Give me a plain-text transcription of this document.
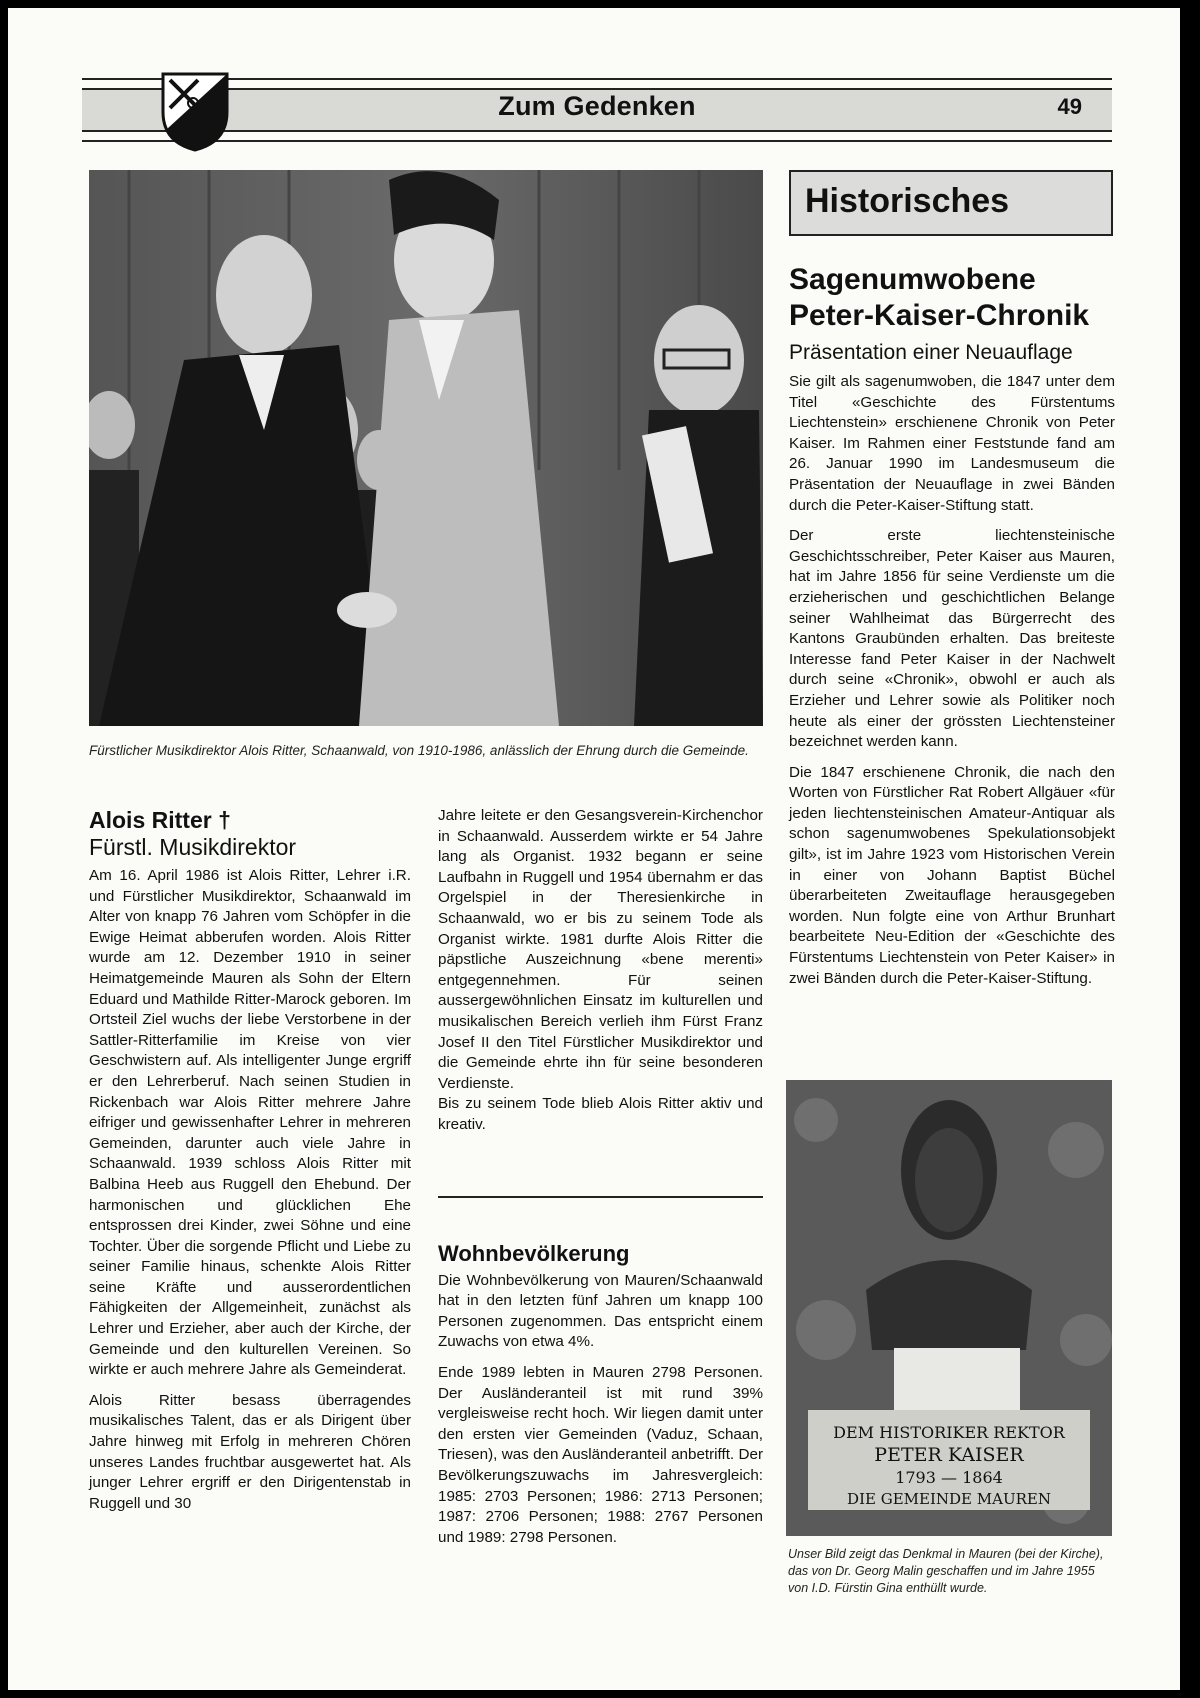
Zum Gedenken	49
Fürstlicher Musikdirektor Alois Ritter, Schaanwald, von 1910-1986, anlässlich der Ehrung durch die Gemeinde.
Alois Ritter †
Fürstl. Musikdirektor

Am 16. April 1986 ist Alois Ritter, Lehrer i.R. und Fürstlicher Musikdirektor, Schaanwald im Alter von knapp 76 Jahren vom Schöpfer in die Ewige Heimat abberufen worden. Alois Ritter wurde am 12. Dezember 1910 in seiner Heimatgemeinde Mauren als Sohn der Eltern Eduard und Mathilde Ritter-Marock geboren. Im Ortsteil Ziel wuchs der liebe Verstorbene in der Sattler-Ritterfamilie im Kreise von vier Geschwistern auf. Als intelligenter Junge ergriff er den Lehrerberuf. Nach seinen Studien in Rickenbach war Alois Ritter mehrere Jahre eifriger und gewissenhafter Lehrer in mehreren Gemeinden, darunter auch viele Jahre in Schaanwald. 1939 schloss Alois Ritter mit Balbina Heeb aus Ruggell den Ehebund. Der harmonischen und glücklichen Ehe entsprossen drei Kinder, zwei Söhne und eine Tochter. Über die sorgende Pflicht und Liebe zu seiner Familie hinaus, schenkte Alois Ritter seine Kräfte und ausserordentlichen Fähigkeiten der Allgemeinheit, zunächst als Lehrer und Erzieher, aber auch der Kirche, der Gemeinde und den kulturellen Vereinen. So wirkte er auch mehrere Jahre als Gemeinderat.

Alois Ritter besass überragendes musikalisches Talent, das er als Dirigent über Jahre hinweg mit Erfolg in mehreren Chören unseres Landes fruchtbar ausgewertet hat. Als junger Lehrer ergriff er den Dirigentenstab in Ruggell und 30

Jahre leitete er den Gesangsverein-Kirchenchor in Schaanwald. Ausserdem wirkte er 54 Jahre lang als Organist. 1932 begann er seine Laufbahn in Ruggell und 1954 übernahm er das Orgelspiel in der Theresienkirche in Schaanwald, wo er bis zu seinem Tode als Organist wirkte. 1981 durfte Alois Ritter die päpstliche Auszeichnung «bene merenti» entgegennehmen. Für seinen aussergewöhnlichen Einsatz im kulturellen und musikalischen Bereich verlieh ihm Fürst Franz Josef II den Titel Fürstlicher Musikdirektor und die Gemeinde ehrte ihn für seine besonderen Verdienste.

Bis zu seinem Tode blieb Alois Ritter aktiv und kreativ.

Wohnbevölkerung

Die Wohnbevölkerung von Mauren/Schaanwald hat in den letzten fünf Jahren um knapp 100 Personen zugenommen. Das entspricht einem Zuwachs von etwa 4%.

Ende 1989 lebten in Mauren 2798 Personen. Der Ausländeranteil ist mit rund 39% vergleisweise recht hoch. Wir liegen damit unter den ersten vier Gemeinden (Vaduz, Schaan, Triesen), was den Ausländeranteil anbetrifft. Der Bevölkerungszuwachs im Jahresvergleich: 1985: 2703 Personen; 1986: 2713 Personen; 1987: 2706 Personen; 1988: 2767 Personen und 1989: 2798 Personen.

Historisches
Sagenumwobene Peter-Kaiser-Chronik
Präsentation einer Neuauflage

Sie gilt als sagenumwoben, die 1847 unter dem Titel «Geschichte des Fürstentums Liechtenstein» erschienene Chronik von Peter Kaiser. Im Rahmen einer Feststunde fand am 26. Januar 1990 im Landesmuseum die Präsentation der Neuauflage in zwei Bänden durch die Peter-Kaiser-Stiftung statt.

Der erste liechtensteinische Geschichtsschreiber, Peter Kaiser aus Mauren, hat im Jahre 1856 für seine Verdienste um die erzieherischen und geschichtlichen Belange seiner Wahlheimat das Bürgerrecht des Kantons Graubünden erhalten. Das breiteste Interesse fand Peter Kaiser in der Nachwelt durch seine «Chronik», obwohl er auch als Erzieher und Lehrer sowie als Politiker noch heute als einer der grössten Liechtensteiner bezeichnet werden kann.

Die 1847 erschienene Chronik, die nach den Worten von Fürstlicher Rat Robert Allgäuer «für jeden liechtensteinischen Amateur-Antiquar als schon sagenumwobenes Spekulationsobjekt gilt», ist im Jahre 1923 vom Historischen Verein in einer von Johann Baptist Büchel überarbeiteten Zweitauflage herausgegeben worden. Nun folgte eine von Arthur Brunhart bearbeitete Neu-Edition der «Geschichte des Fürstentums Liechtenstein von Peter Kaiser» in zwei Bänden durch die Peter-Kaiser-Stiftung.

DEM HISTORIKER REKTOR
PETER KAISER
1793 — 1864
DIE GEMEINDE MAUREN
Unser Bild zeigt das Denkmal in Mauren (bei der Kirche), das von Dr. Georg Malin geschaffen und im Jahre 1955 von I.D. Fürstin Gina enthüllt wurde.
